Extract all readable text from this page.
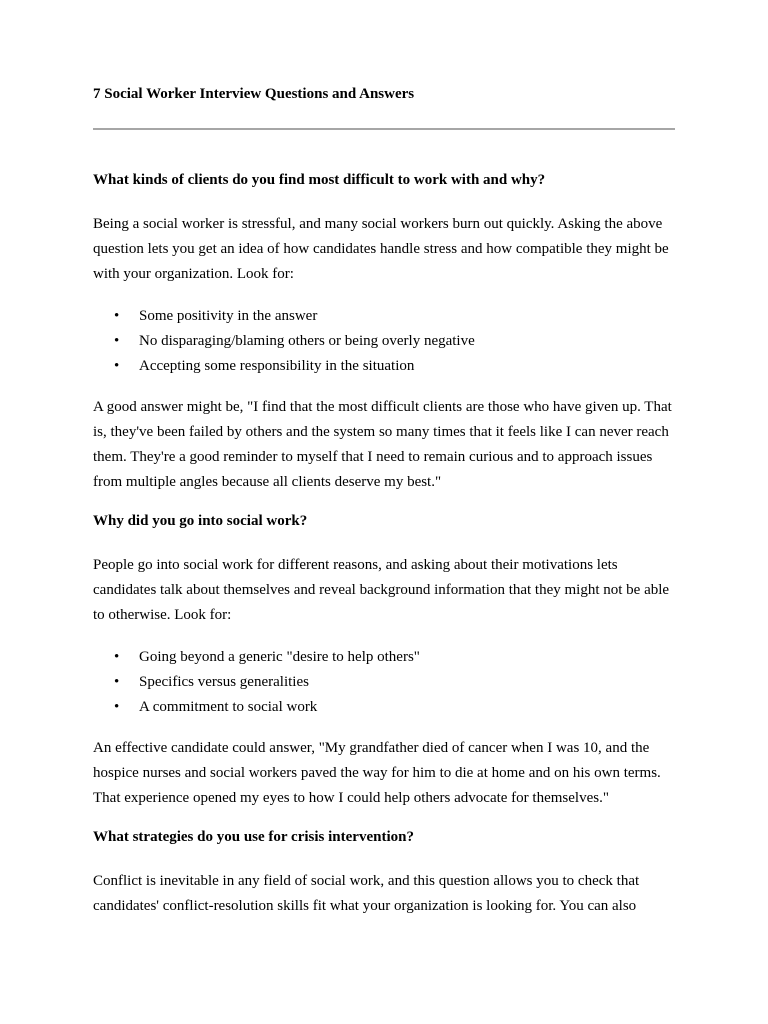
7 Social Worker Interview Questions and Answers

What kinds of clients do you find most difficult to work with and why?

Being a social worker is stressful, and many social workers burn out quickly. Asking the above question lets you get an idea of how candidates handle stress and how compatible they might be with your organization. Look for:

• Some positivity in the answer
• No disparaging/blaming others or being overly negative
• Accepting some responsibility in the situation

A good answer might be, "I find that the most difficult clients are those who have given up. That is, they've been failed by others and the system so many times that it feels like I can never reach them. They're a good reminder to myself that I need to remain curious and to approach issues from multiple angles because all clients deserve my best."

Why did you go into social work?

People go into social work for different reasons, and asking about their motivations lets candidates talk about themselves and reveal background information that they might not be able to otherwise. Look for:

• Going beyond a generic "desire to help others"
• Specifics versus generalities
• A commitment to social work

An effective candidate could answer, "My grandfather died of cancer when I was 10, and the hospice nurses and social workers paved the way for him to die at home and on his own terms. That experience opened my eyes to how I could help others advocate for themselves."

What strategies do you use for crisis intervention?

Conflict is inevitable in any field of social work, and this question allows you to check that candidates' conflict-resolution skills fit what your organization is looking for. You can also
